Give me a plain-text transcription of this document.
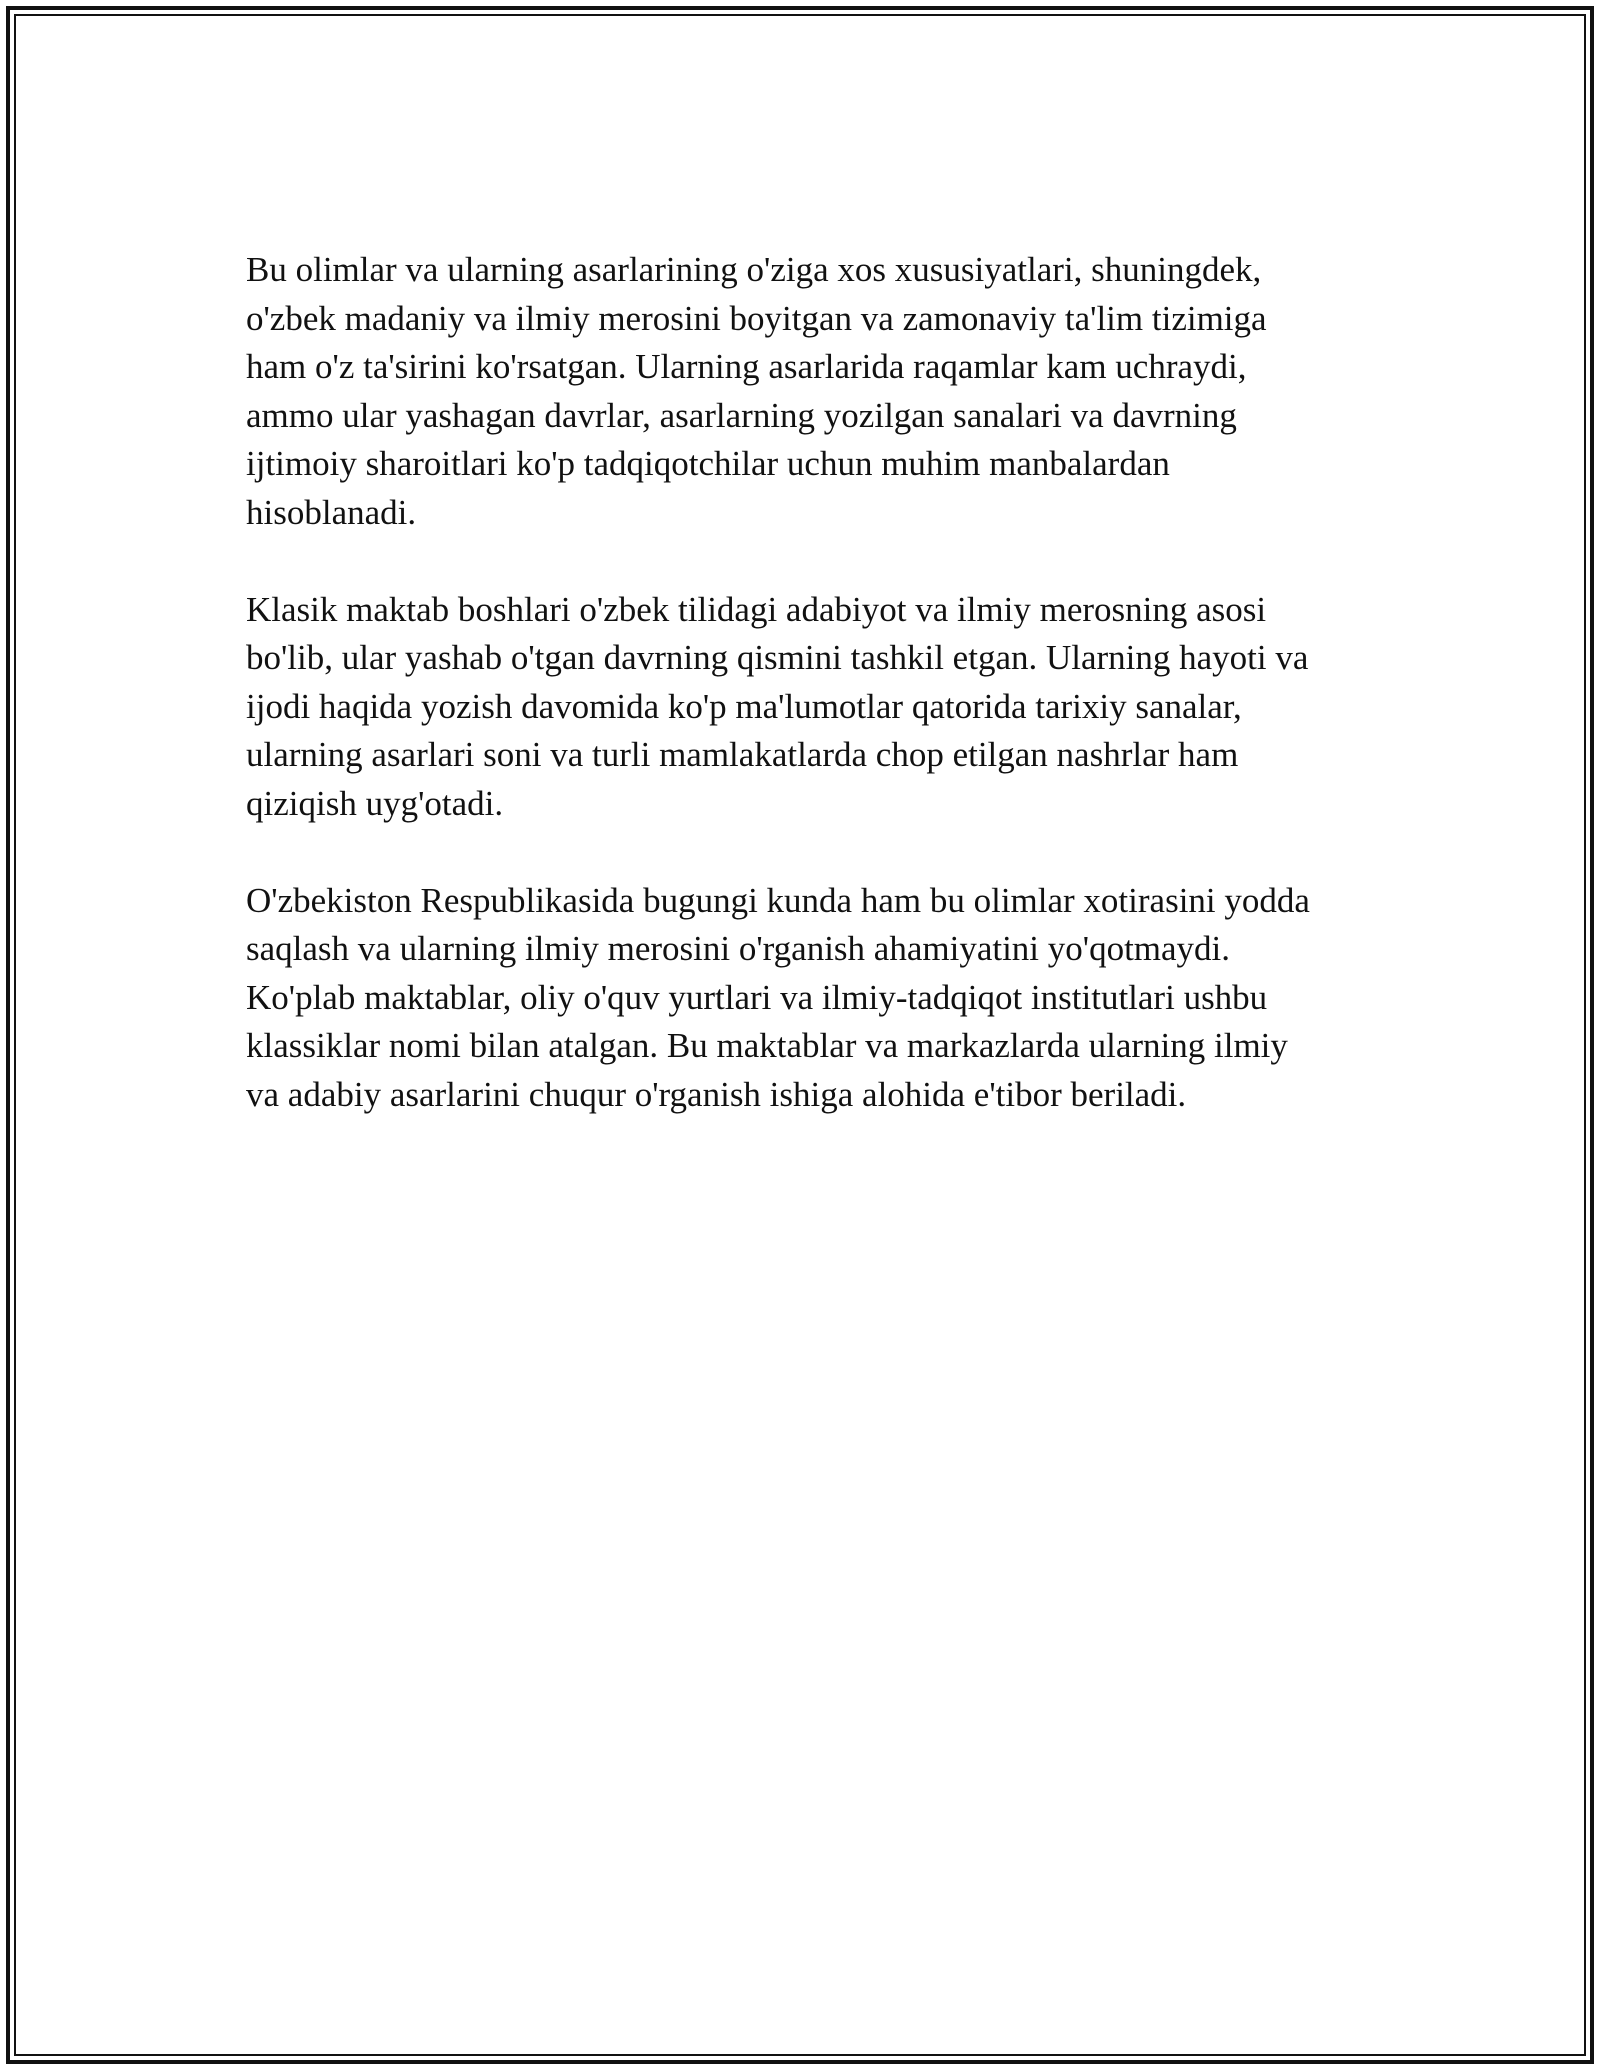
Bu olimlar va ularning asarlarining o'ziga xos xususiyatlari, shuningdek,
o'zbek madaniy va ilmiy merosini boyitgan va zamonaviy ta'lim tizimiga
ham o'z ta'sirini ko'rsatgan. Ularning asarlarida raqamlar kam uchraydi,
ammo ular yashagan davrlar, asarlarning yozilgan sanalari va davrning
ijtimoiy sharoitlari ko'p tadqiqotchilar uchun muhim manbalardan
hisoblanadi.

Klasik maktab boshlari o'zbek tilidagi adabiyot va ilmiy merosning asosi
bo'lib, ular yashab o'tgan davrning qismini tashkil etgan. Ularning hayoti va
ijodi haqida yozish davomida ko'p ma'lumotlar qatorida tarixiy sanalar,
ularning asarlari soni va turli mamlakatlarda chop etilgan nashrlar ham
qiziqish uyg'otadi.

O'zbekiston Respublikasida bugungi kunda ham bu olimlar xotirasini yodda
saqlash va ularning ilmiy merosini o'rganish ahamiyatini yo'qotmaydi.
Ko'plab maktablar, oliy o'quv yurtlari va ilmiy-tadqiqot institutlari ushbu
klassiklar nomi bilan atalgan. Bu maktablar va markazlarda ularning ilmiy
va adabiy asarlarini chuqur o'rganish ishiga alohida e'tibor beriladi.
